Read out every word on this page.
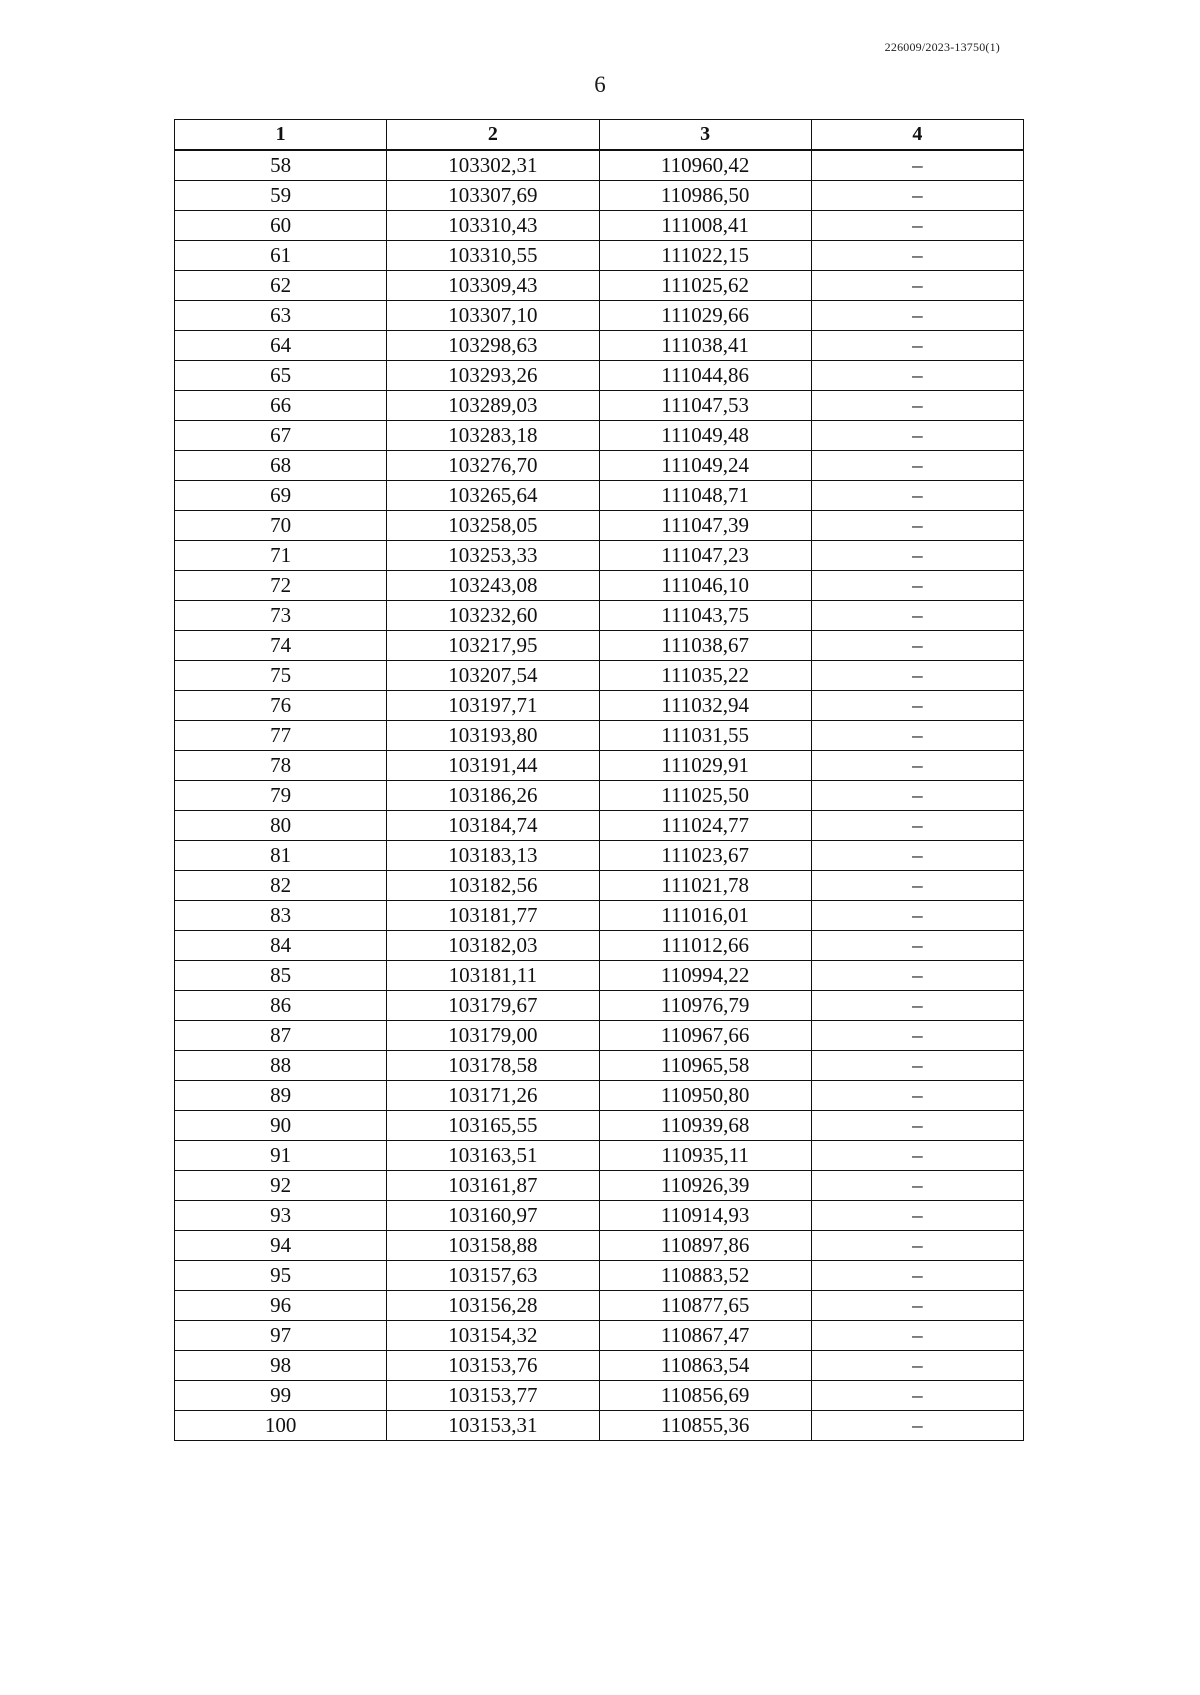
226009/2023-13750(1)
6
1	2	3	4
58	103302,31	110960,42	–
59	103307,69	110986,50	–
60	103310,43	111008,41	–
61	103310,55	111022,15	–
62	103309,43	111025,62	–
63	103307,10	111029,66	–
64	103298,63	111038,41	–
65	103293,26	111044,86	–
66	103289,03	111047,53	–
67	103283,18	111049,48	–
68	103276,70	111049,24	–
69	103265,64	111048,71	–
70	103258,05	111047,39	–
71	103253,33	111047,23	–
72	103243,08	111046,10	–
73	103232,60	111043,75	–
74	103217,95	111038,67	–
75	103207,54	111035,22	–
76	103197,71	111032,94	–
77	103193,80	111031,55	–
78	103191,44	111029,91	–
79	103186,26	111025,50	–
80	103184,74	111024,77	–
81	103183,13	111023,67	–
82	103182,56	111021,78	–
83	103181,77	111016,01	–
84	103182,03	111012,66	–
85	103181,11	110994,22	–
86	103179,67	110976,79	–
87	103179,00	110967,66	–
88	103178,58	110965,58	–
89	103171,26	110950,80	–
90	103165,55	110939,68	–
91	103163,51	110935,11	–
92	103161,87	110926,39	–
93	103160,97	110914,93	–
94	103158,88	110897,86	–
95	103157,63	110883,52	–
96	103156,28	110877,65	–
97	103154,32	110867,47	–
98	103153,76	110863,54	–
99	103153,77	110856,69	–
100	103153,31	110855,36	–
